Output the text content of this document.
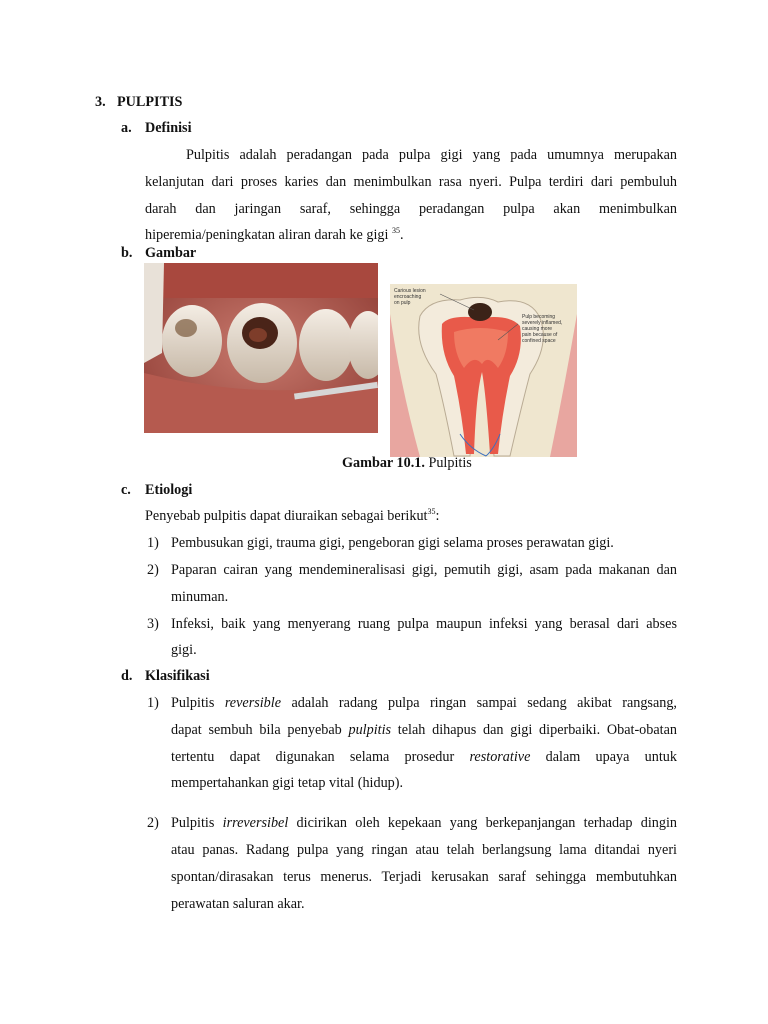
3. PULPITIS
a. Definisi
Pulpitis adalah peradangan pada pulpa gigi yang pada umumnya merupakan
kelanjutan dari proses karies dan menimbulkan rasa nyeri. Pulpa terdiri dari pembuluh
darah dan jaringan saraf, sehingga peradangan pulpa akan menimbulkan
hiperemia/peningkatan aliran darah ke gigi $^{35}$.
b. Gambar
Carious lesion
encroaching
on pulp
Pulp becoming
severely inflamed,
causing more
pain because of
confined space
Gambar 10.1. Pulpitis
c. Etiologi
Penyebab pulpitis dapat diuraikan sebagai berikut$^{35}$:
1) Pembusukan gigi, trauma gigi, pengeboran gigi selama proses perawatan gigi.
2) Paparan cairan yang mendemineralisasi gigi, pemutih gigi, asam pada makanan dan
minuman.
3) Infeksi, baik yang menyerang ruang pulpa maupun infeksi yang berasal dari abses
gigi.
d. Klasifikasi
1) Pulpitis reversible adalah radang pulpa ringan sampai sedang akibat rangsang,
dapat sembuh bila penyebab pulpitis telah dihapus dan gigi diperbaiki. Obat-obatan
tertentu dapat digunakan selama prosedur restorative dalam upaya untuk
mempertahankan gigi tetap vital (hidup).
2) Pulpitis irreversibel dicirikan oleh kepekaan yang berkepanjangan terhadap dingin
atau panas. Radang pulpa yang ringan atau telah berlangsung lama ditandai nyeri
spontan/dirasakan terus menerus. Terjadi kerusakan saraf sehingga membutuhkan
perawatan saluran akar.
